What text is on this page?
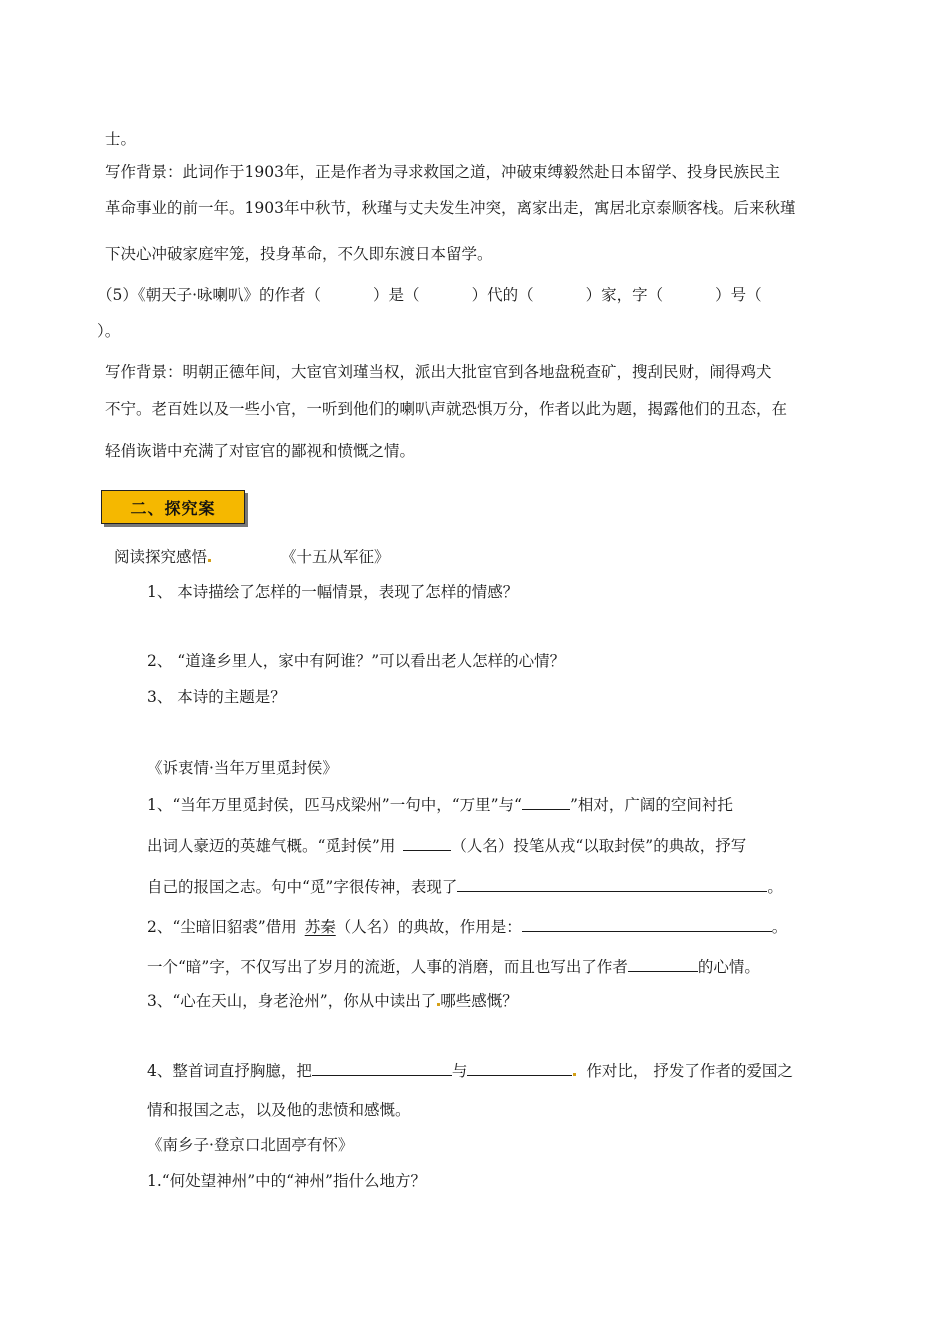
士。
写作背景：此词作于1903年，正是作者为寻求救国之道，冲破束缚毅然赴日本留学、投身民族民主
革命事业的前一年。1903年中秋节，秋瑾与丈夫发生冲突，离家出走，寓居北京泰顺客栈。后来秋瑾
下决心冲破家庭牢笼，投身革命，不久即东渡日本留学。
（5）《朝天子·咏喇叭》的作者（	）是（	）代的（	）家，字（	）号（
）。
写作背景：明朝正德年间，大宦官刘瑾当权，派出大批宦官到各地盘税查矿，搜刮民财，闹得鸡犬
不宁。老百姓以及一些小官，一听到他们的喇叭声就恐惧万分，作者以此为题，揭露他们的丑态，在
轻俏诙谐中充满了对宦官的鄙视和愤慨之情。
二、探究案
阅读探究感悟	《十五从军征》
1、 本诗描绘了怎样的一幅情景，表现了怎样的情感？
2、 “道逢乡里人，家中有阿谁？”可以看出老人怎样的心情？
3、 本诗的主题是？
《诉衷情·当年万里觅封侯》
1、“当年万里觅封侯，匹马戍梁州”一句中，“万里”与“	”相对，广阔的空间衬托
出词人豪迈的英雄气概。“觅封侯”用	（人名）投笔从戎“以取封侯”的典故，抒写
自己的报国之志。句中“觅”字很传神，表现了	。
2、“尘暗旧貂裘”借用 苏秦（人名）的典故，作用是：	。
一个“暗”字，不仅写出了岁月的流逝，人事的消磨，而且也写出了作者	的心情。
3、“心在天山，身老沧州”，你从中读出了 哪些感慨？
4、整首词直抒胸臆，把	与	作对比， 抒发了作者的爱国之
情和报国之志，以及他的悲愤和感慨。
《南乡子·登京口北固亭有怀》
1.“何处望神州”中的“神州”指什么地方？
